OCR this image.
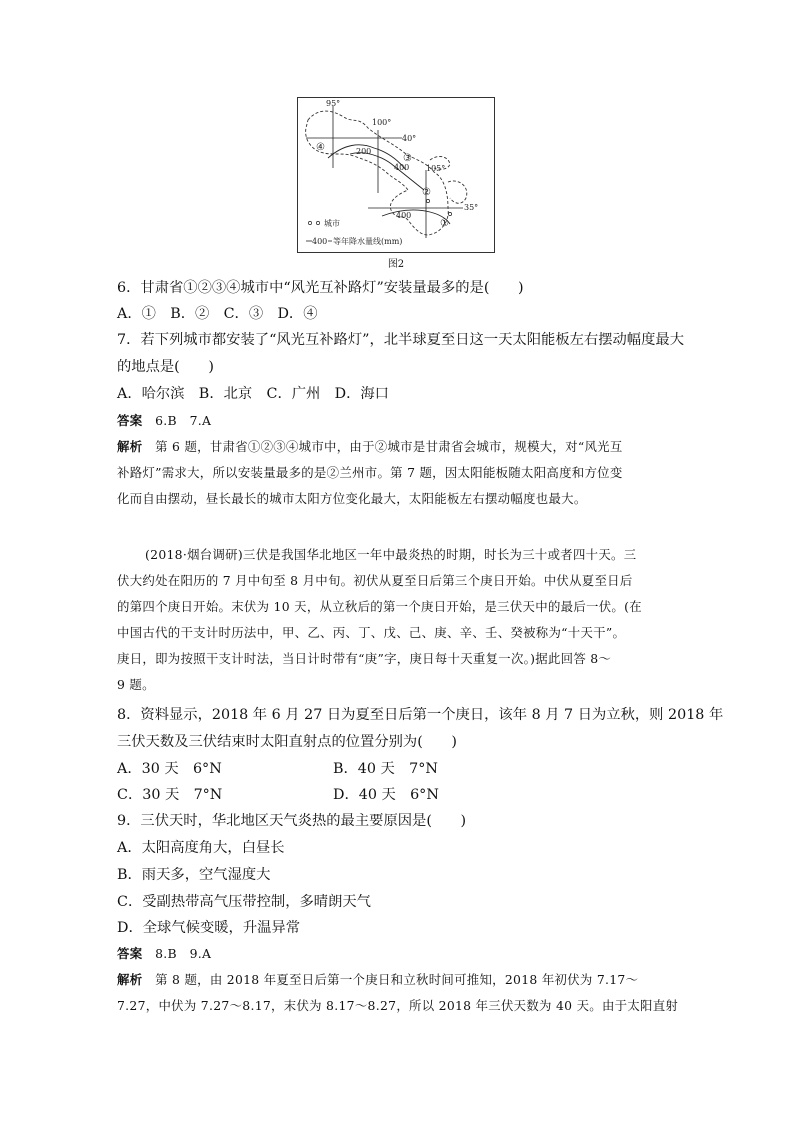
95°
100°
40°
105°
35°
200
400
400
④
③
②
①
城市
400 等年降水量线(mm)
图2
6．甘肃省①②③④城市中“风光互补路灯”安装量最多的是(　　)
A．①　B．②　C．③　D．④
7．若下列城市都安装了“风光互补路灯”，北半球夏至日这一天太阳能板左右摆动幅度最大
的地点是(　　)
A．哈尔滨　B．北京　C．广州　D．海口
答案　 6.B　7.A
解析　 第 6 题，甘肃省①②③④城市中，由于②城市是甘肃省会城市，规模大，对“风光互
补路灯”需求大，所以安装量最多的是②兰州市。第 7 题，因太阳能板随太阳高度和方位变
化而自由摆动，昼长最长的城市太阳方位变化最大，太阳能板左右摆动幅度也最大。
(2018·烟台调研)三伏是我国华北地区一年中最炎热的时期，时长为三十或者四十天。三
伏大约处在阳历的 7 月中旬至 8 月中旬。初伏从夏至日后第三个庚日开始。中伏从夏至日后
的第四个庚日开始。末伏为 10 天，从立秋后的第一个庚日开始，是三伏天中的最后一伏。(在
中国古代的干支计时历法中，甲、乙、丙、丁、戊、己、庚、辛、壬、癸被称为“十天干”。
庚日，即为按照干支计时法，当日计时带有“庚”字，庚日每十天重复一次。)据此回答 8～
9 题。
8．资料显示，2018 年 6 月 27 日为夏至日后第一个庚日，该年 8 月 7 日为立秋，则 2018 年
三伏天数及三伏结束时太阳直射点的位置分别为(　　)
A．30 天　6°N	B．40 天　7°N
C．30 天　7°N	D．40 天　6°N
9．三伏天时，华北地区天气炎热的最主要原因是(　　)
A．太阳高度角大，白昼长
B．雨天多，空气湿度大
C．受副热带高气压带控制，多晴朗天气
D．全球气候变暖，升温异常
答案　 8.B　9.A
解析　 第 8 题，由 2018 年夏至日后第一个庚日和立秋时间可推知，2018 年初伏为 7.17～
7.27，中伏为 7.27～8.17，末伏为 8.17～8.27，所以 2018 年三伏天数为 40 天。由于太阳直射
